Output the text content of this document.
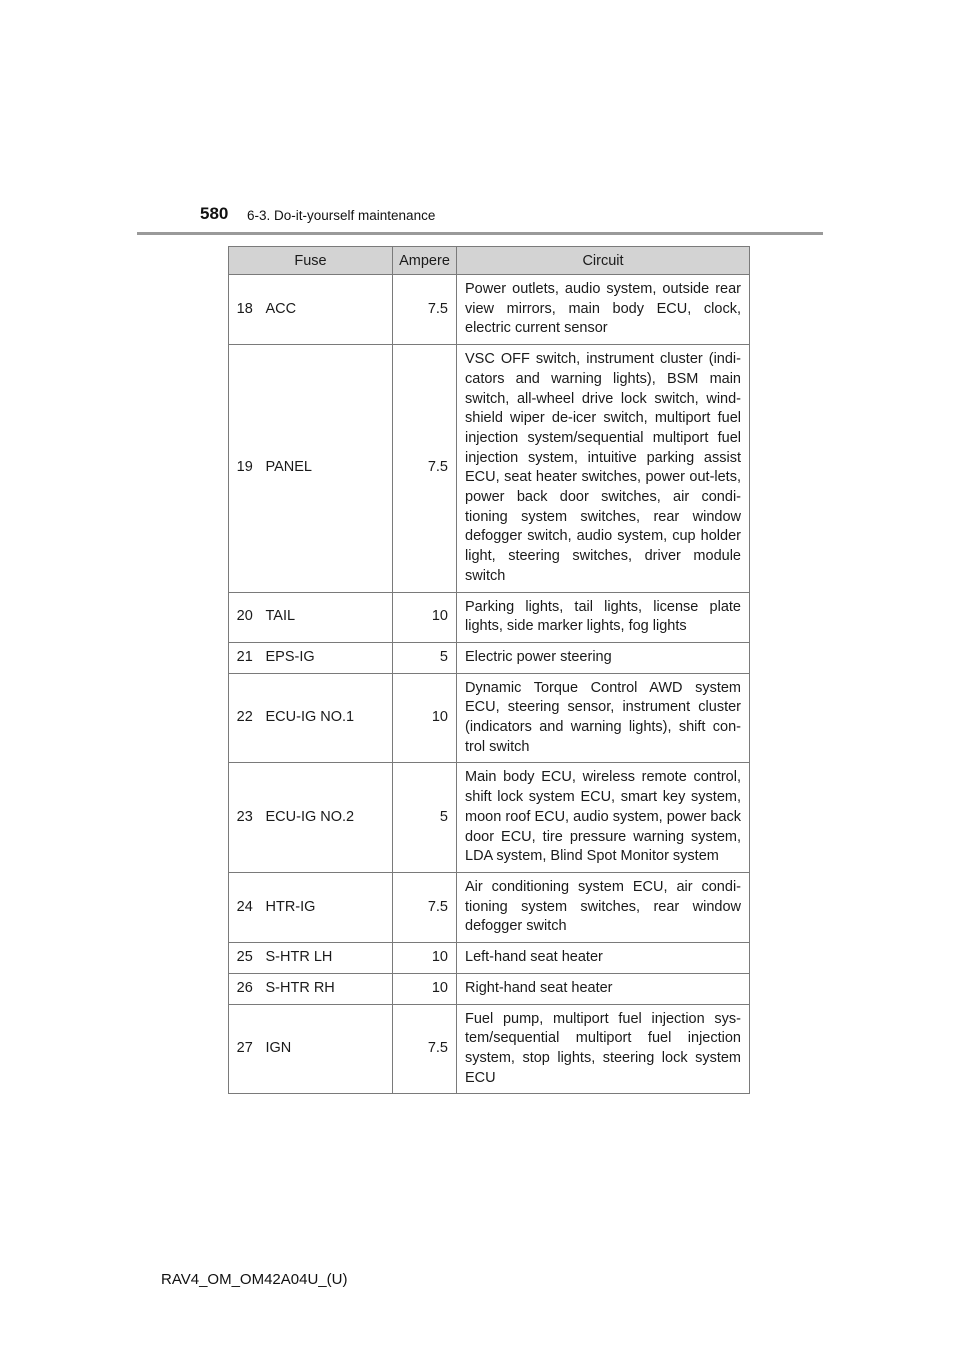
580 6-3. Do-it-yourself maintenance
Fuse		Ampere	Circuit
18	ACC	7.5	Power outlets, audio system, outside rear view mirrors, main body ECU, clock, electric current sensor
19	PANEL	7.5	VSC OFF switch, instrument cluster (indi-cators and warning lights), BSM main switch, all-wheel drive lock switch, wind-shield wiper de-icer switch, multiport fuel injection system/sequential multiport fuel injection system, intuitive parking assist ECU, seat heater switches, power out-lets, power back door switches, air condi-tioning system switches, rear window defogger switch, audio system, cup holder light, steering switches, driver module switch
20	TAIL	10	Parking lights, tail lights, license plate lights, side marker lights, fog lights
21	EPS-IG	5	Electric power steering
22	ECU-IG NO.1	10	Dynamic Torque Control AWD system ECU, steering sensor, instrument cluster (indicators and warning lights), shift con-trol switch
23	ECU-IG NO.2	5	Main body ECU, wireless remote control, shift lock system ECU, smart key system, moon roof ECU, audio system, power back door ECU, tire pressure warning system, LDA system, Blind Spot Monitor system
24	HTR-IG	7.5	Air conditioning system ECU, air condi-tioning system switches, rear window defogger switch
25	S-HTR LH	10	Left-hand seat heater
26	S-HTR RH	10	Right-hand seat heater
27	IGN	7.5	Fuel pump, multiport fuel injection sys-tem/sequential multiport fuel injection system, stop lights, steering lock system ECU
RAV4_OM_OM42A04U_(U)
